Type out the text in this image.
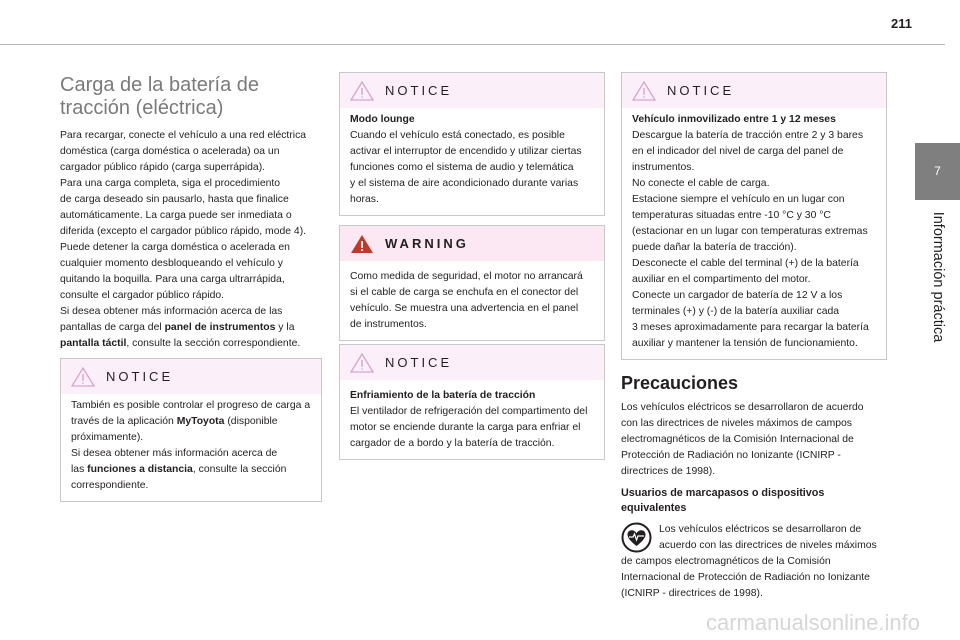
211
7
Información práctica
Carga de la batería de
tracción (eléctrica)
Para recargar, conecte el vehículo a una red eléctrica
doméstica (carga doméstica o acelerada) oa un
cargador público rápido (carga superrápida).
Para una carga completa, siga el procedimiento
de carga deseado sin pausarlo, hasta que finalice
automáticamente. La carga puede ser inmediata o
diferida (excepto el cargador público rápido, mode 4).
Puede detener la carga doméstica o acelerada en
cualquier momento desbloqueando el vehículo y
quitando la boquilla. Para una carga ultrarrápida,
consulte el cargador público rápido.
Si desea obtener más información acerca de las
pantallas de carga del panel de instrumentos y la
pantalla táctil, consulte la sección correspondiente.
NOTICE
También es posible controlar el progreso de carga a
través de la aplicación MyToyota (disponible
próximamente).
Si desea obtener más información acerca de
las funciones a distancia, consulte la sección
correspondiente.
NOTICE
Modo lounge
Cuando el vehículo está conectado, es posible
activar el interruptor de encendido y utilizar ciertas
funciones como el sistema de audio y telemática
y el sistema de aire acondicionado durante varias
horas.
WARNING
Como medida de seguridad, el motor no arrancará
si el cable de carga se enchufa en el conector del
vehículo. Se muestra una advertencia en el panel
de instrumentos.
NOTICE
Enfriamiento de la batería de tracción
El ventilador de refrigeración del compartimento del
motor se enciende durante la carga para enfriar el
cargador de a bordo y la batería de tracción.
NOTICE
Vehículo inmovilizado entre 1 y 12 meses
Descargue la batería de tracción entre 2 y 3 bares
en el indicador del nivel de carga del panel de
instrumentos.
No conecte el cable de carga.
Estacione siempre el vehículo en un lugar con
temperaturas situadas entre -10 °C y 30 °C
(estacionar en un lugar con temperaturas extremas
puede dañar la batería de tracción).
Desconecte el cable del terminal (+) de la batería
auxiliar en el compartimento del motor.
Conecte un cargador de batería de 12 V a los
terminales (+) y (-) de la batería auxiliar cada
3 meses aproximadamente para recargar la batería
auxiliar y mantener la tensión de funcionamiento.
Precauciones
Los vehículos eléctricos se desarrollaron de acuerdo
con las directrices de niveles máximos de campos
electromagnéticos de la Comisión Internacional de
Protección de Radiación no Ionizante (ICNIRP -
directrices de 1998).
Usuarios de marcapasos o dispositivos
equivalentes
Los vehículos eléctricos se desarrollaron de
acuerdo con las directrices de niveles máximos
de campos electromagnéticos de la Comisión
Internacional de Protección de Radiación no Ionizante
(ICNIRP - directrices de 1998).
carmanualsonline.info
